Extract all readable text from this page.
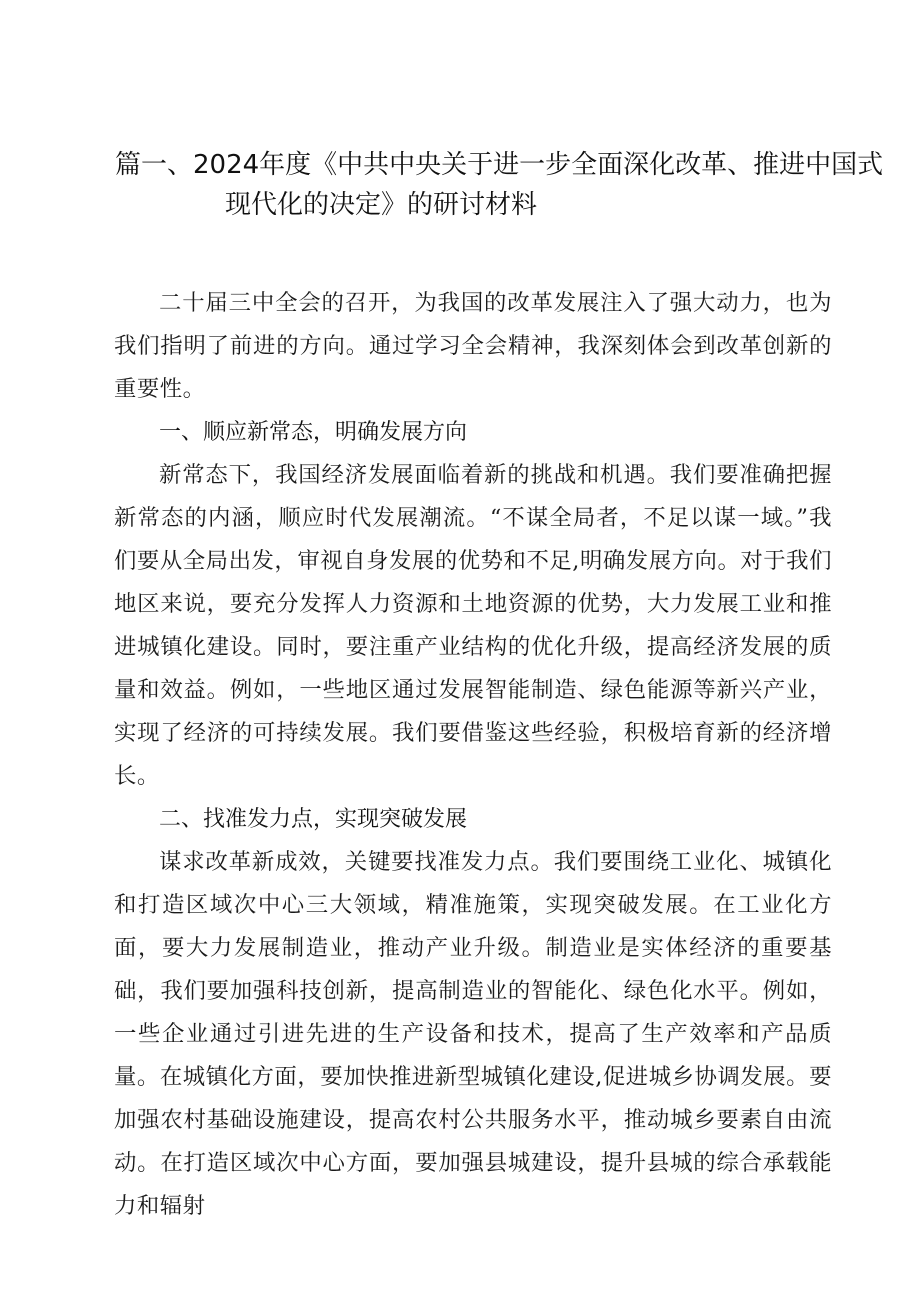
篇一、2024年度《中共中央关于进一步全面深化改革、推进中国式
现代化的决定》的研讨材料

二十届三中全会的召开，为我国的改革发展注入了强大动力，也为我们指明了前进的方向。通过学习全会精神，我深刻体会到改革创新的重要性。

一、顺应新常态，明确发展方向

新常态下，我国经济发展面临着新的挑战和机遇。我们要准确把握新常态的内涵，顺应时代发展潮流。“不谋全局者，不足以谋一域。”我们要从全局出发，审视自身发展的优势和不足,明确发展方向。对于我们地区来说，要充分发挥人力资源和土地资源的优势，大力发展工业和推进城镇化建设。同时，要注重产业结构的优化升级，提高经济发展的质量和效益。例如，一些地区通过发展智能制造、绿色能源等新兴产业，实现了经济的可持续发展。我们要借鉴这些经验，积极培育新的经济增长。

二、找准发力点，实现突破发展

谋求改革新成效，关键要找准发力点。我们要围绕工业化、城镇化和打造区域次中心三大领域，精准施策，实现突破发展。在工业化方面，要大力发展制造业，推动产业升级。制造业是实体经济的重要基础，我们要加强科技创新，提高制造业的智能化、绿色化水平。例如，一些企业通过引进先进的生产设备和技术，提高了生产效率和产品质量。在城镇化方面，要加快推进新型城镇化建设,促进城乡协调发展。要加强农村基础设施建设，提高农村公共服务水平，推动城乡要素自由流动。在打造区域次中心方面，要加强县城建设，提升县城的综合承载能力和辐射
